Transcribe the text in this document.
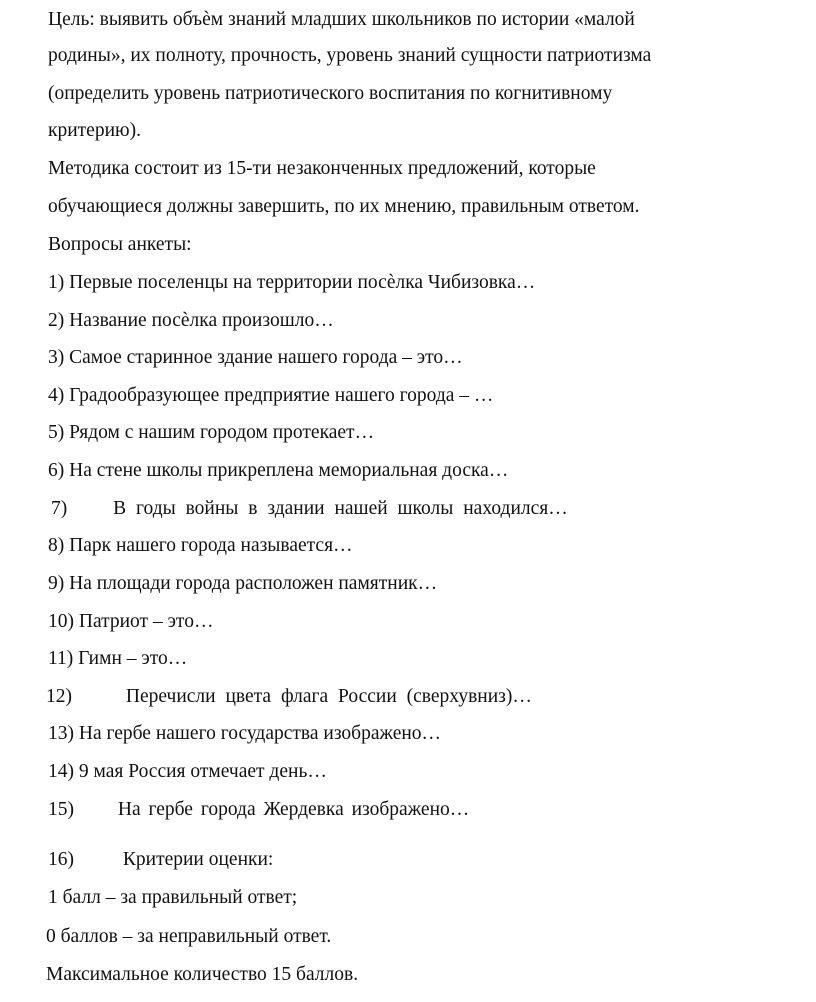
Цель: выявить объѐм знаний младших школьников по истории «малой
родины», их полноту, прочность, уровень знаний сущности патриотизма
(определить уровень патриотического воспитания по когнитивному
критерию).
Методика состоит из 15-ти незаконченных предложений, которые
обучающиеся должны завершить, по их мнению, правильным ответом.
Вопросы анкеты:
1) Первые поселенцы на территории посѐлка Чибизовка…
2) Название посѐлка произошло…
3) Самое старинное здание нашего города – это…
4) Градообразующее предприятие нашего города – …
5) Рядом с нашим городом протекает…
6) На стене школы прикреплена мемориальная доска…
7) В годы войны в здании нашей школы находился…
8) Парк нашего города называется…
9) На площади города расположен памятник…
10) Патриот – это…
11) Гимн – это…
12)	Перечисли цвета флага России (сверхувниз)…
13) На гербе нашего государства изображено…
14) 9 мая Россия отмечает день…
15) На гербе города Жердевка изображено…
16)	Критерии оценки:
1 балл – за правильный ответ;
0 баллов – за неправильный ответ.
Максимальное количество 15 баллов.
